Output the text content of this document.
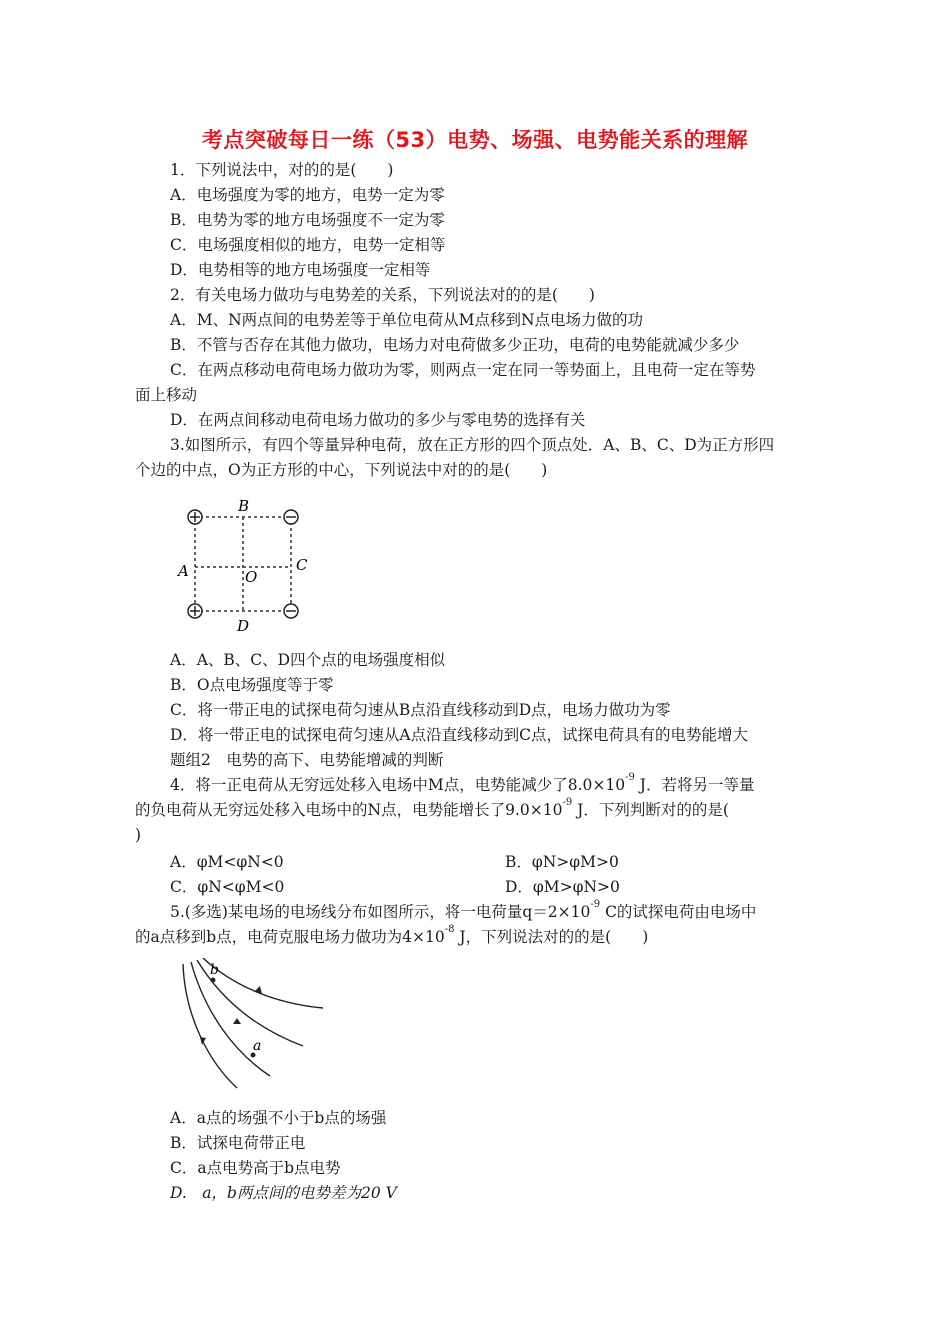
考点突破每日一练（53）电势、场强、电势能关系的理解
1．下列说法中，对的的是(　　)
A．电场强度为零的地方，电势一定为零
B．电势为零的地方电场强度不一定为零
C．电场强度相似的地方，电势一定相等
D．电势相等的地方电场强度一定相等
2．有关电场力做功与电势差的关系，下列说法对的的是(　　)
A．M、N两点间的电势差等于单位电荷从M点移到N点电场力做的功
B．不管与否存在其他力做功，电场力对电荷做多少正功，电荷的电势能就减少多少
C．在两点移动电荷电场力做功为零，则两点一定在同一等势面上，且电荷一定在等势
面上移动
D．在两点间移动电荷电场力做功的多少与零电势的选择有关
3.如图所示，有四个等量异种电荷，放在正方形的四个顶点处．A、B、C、D为正方形四
个边的中点，O为正方形的中心，下列说法中对的的是(　　)
B
A	C
O
D
A．A、B、C、D四个点的电场强度相似
B．O点电场强度等于零
C．将一带正电的试探电荷匀速从B点沿直线移动到D点，电场力做功为零
D．将一带正电的试探电荷匀速从A点沿直线移动到C点，试探电荷具有的电势能增大
题组2　电势的高下、电势能增减的判断
4．将一正电荷从无穷远处移入电场中M点，电势能减少了$8.0\times 10^{-9}$ J．若将另一等量
的负电荷从无穷远处移入电场中的N点，电势能增长了$9.0\times 10^{-9}$ J．下列判断对的的是(
)
A．φM<φN<0	B．φN>φM>0
C．φN<φM<0	D．φM>φN>0
5.(多选)某电场的电场线分布如图所示，将一电荷量$q=2\times 10^{-9}$ C的试探电荷由电场中
的a点移到b点，电荷克服电场力做功为$4\times 10^{-8}$ J，下列说法对的的是(　　)
b
a
A．a点的场强不小于b点的场强
B．试探电荷带正电
C．a点电势高于b点电势
D.　a，b两点间的电势差为20 V
